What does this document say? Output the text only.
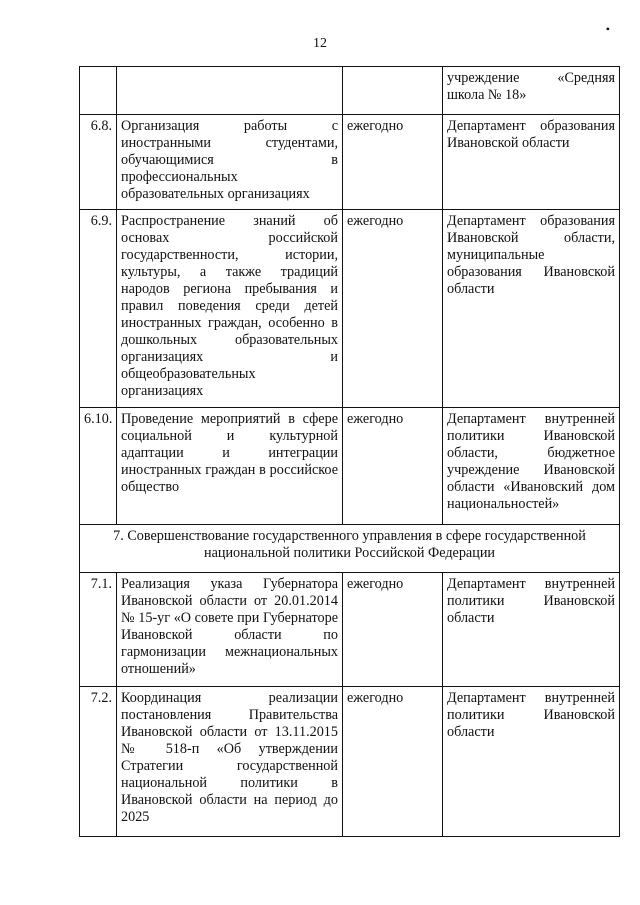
12
•
			учреждение «Средняя школа № 18»
6.8.	Организация работы с иностранными студентами, обучающимися в профессиональных образовательных организациях	ежегодно	Департамент образования Ивановской области
6.9.	Распространение знаний об основах российской государственности, истории, культуры, а также традиций народов региона пребывания и правил поведения среди детей иностранных граждан, особенно в дошкольных образовательных организациях и общеобразовательных организациях	ежегодно	Департамент образования Ивановской области, муниципальные образования Ивановской области
6.10.	Проведение мероприятий в сфере социальной и культурной адаптации и интеграции иностранных граждан в российское общество	ежегодно	Департамент внутренней политики Ивановской области, бюджетное учреждение Ивановской области «Ивановский дом национальностей»
7. Совершенствование государственного управления в сфере государственной национальной политики Российской Федерации			
7.1.	Реализация указа Губернатора Ивановской области от 20.01.2014 № 15-уг «О совете при Губернаторе Ивановской области по гармонизации межнациональных отношений»	ежегодно	Департамент внутренней политики Ивановской области
7.2.	Координация реализации постановления Правительства Ивановской области от 13.11.2015 № 518-п «Об утверждении Стратегии государственной национальной политики в Ивановской области на период до 2025	ежегодно	Департамент внутренней политики Ивановской области
